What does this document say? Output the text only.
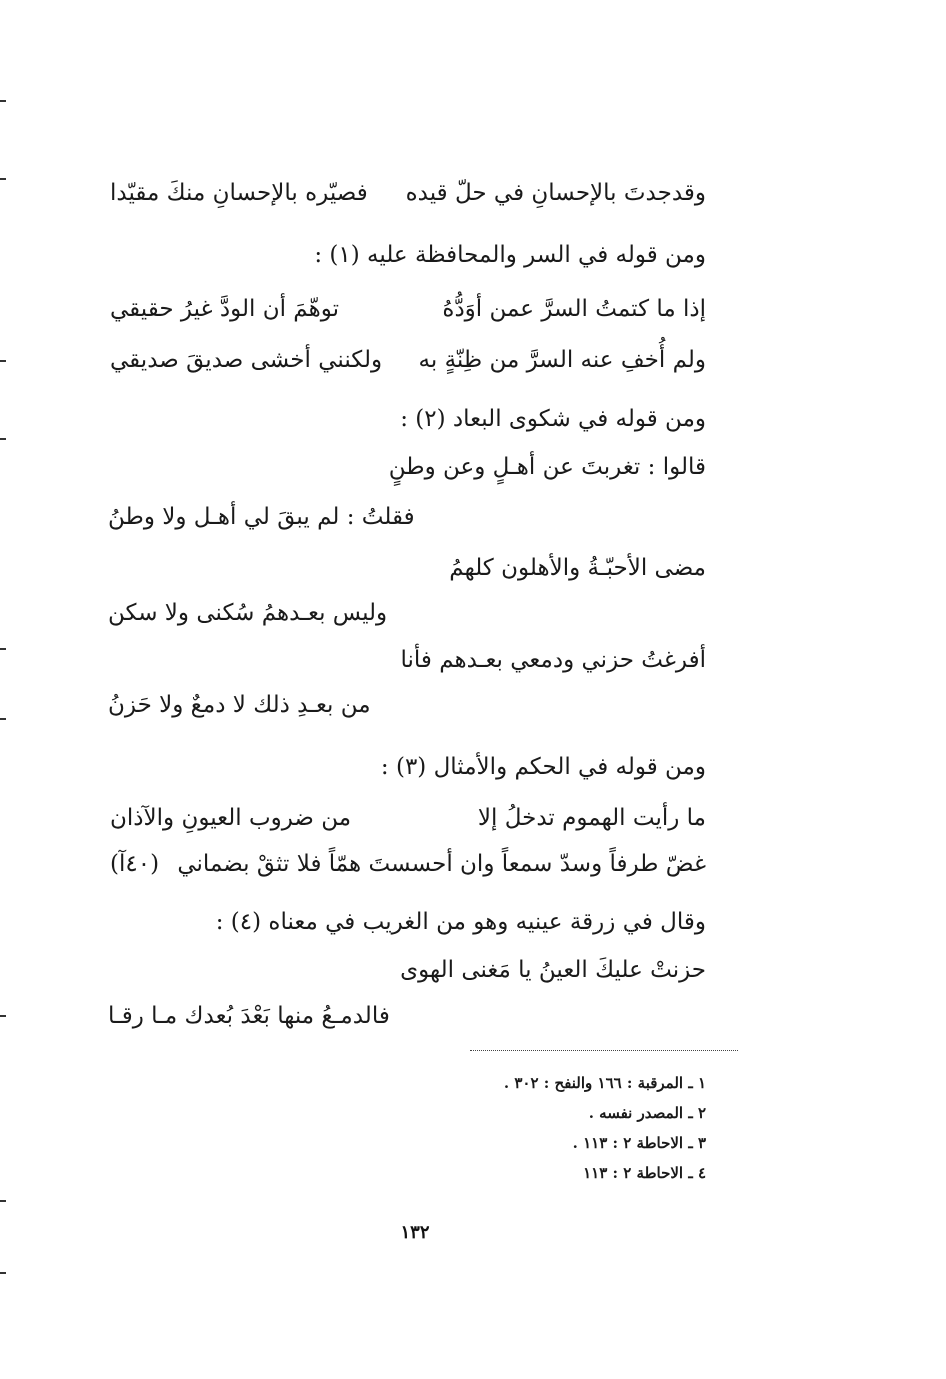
وقدجدتَ بالإحسانِ في حلّ قيده
فصيّره بالإحسانِ منكَ مقيّدا
ومن قوله في السر والمحافظة عليه (١) :
إذا ما كتمتُ السرَّ عمن أوَدُّهُ
توهّمَ أن الودَّ غيرُ حقيقي
ولم أُخفِ عنه السرَّ من ظِنّةٍ به
ولكنني أخشى صديقَ صديقي
ومن قوله في شكوى البعاد (٢) :
قالوا : تغربتَ عن أهـلٍ وعن وطنٍ
فقلتُ : لم يبقَ لي أهـل ولا وطنُ
مضى الأحبّـةُ والأهلون كلهمُ
وليس بعـدهمُ سُكنى ولا سكن
أفرغتُ حزني ودمعي بعـدهم فأنا
من بعـدِ ذلك لا دمعٌ ولا حَزنُ
ومن قوله في الحكم والأمثال (٣) :
ما رأيت الهموم تدخلُ إلا
من ضروب العيونِ والآذان
غضّ طرفاً وسدّ سمعاً وان أحسستَ همّاً فلا تثقْ بضماني
(٤٠آ)
وقال في زرقة عينيه وهو من الغريب في معناه (٤) :
حزنتْ عليكَ العينُ يا مَغنى الهوى
فالدمـعُ منها بَعْدَ بُعدك مـا رقـا
١ ـ المرقبة : ١٦٦ والنفح : ٣٠٢ .
٢ ـ المصدر نفسه .
٣ ـ الاحاطة ٢ : ١١٣ .
٤ ـ الاحاطة ٢ : ١١٣
١٣٢
